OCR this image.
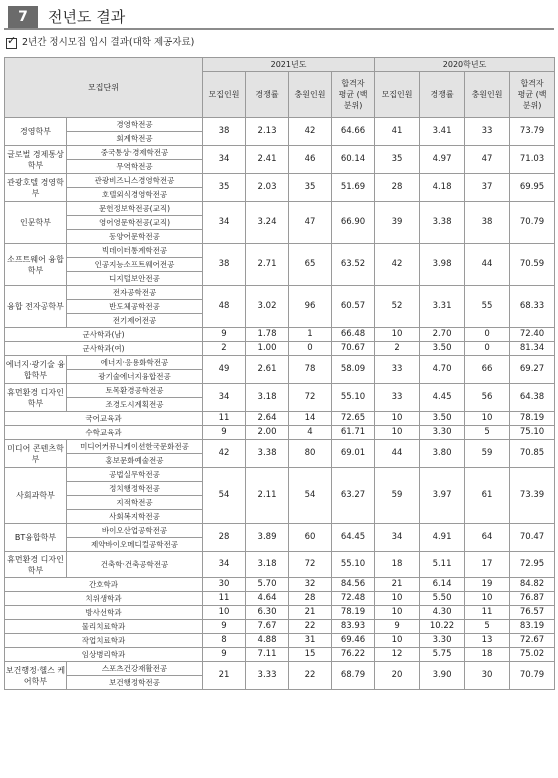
7	전년도 결과
✓
2년간 정시모집 입시 결과(대학 제공자료)
모집단위		2021년도				2020학년도			
		모집인원	경쟁률	충원인원	합격자 평균 (백분위)	모집인원	경쟁률	충원인원	합격자 평균 (백분위)
경영학부	경영학전공	38	2.13	42	64.66	41	3.41	33	73.79
	회계학전공								
글로벌 경제통상학부	중국통상·경제학전공	34	2.41	46	60.14	35	4.97	47	71.03
	무역학전공								
관광호텔 경영학부	관광비즈니스경영학전공	35	2.03	35	51.69	28	4.18	37	69.95
	호텔외식경영학전공								
인문학부	문헌정보학전공(교직)	34	3.24	47	66.90	39	3.38	38	70.79
	영어영문학전공(교직)								
	동양어문학전공								
소프트웨어 융합학부	빅데이터통계학전공	38	2.71	65	63.52	42	3.98	44	70.59
	인공지능소프트웨어전공								
	디지털보안전공								
융합 전자공학부	전자공학전공	48	3.02	96	60.57	52	3.31	55	68.33
	반도체공학전공								
	전기제어전공								
군사학과(남)		9	1.78	1	66.48	10	2.70	0	72.40
군사학과(여)		2	1.00	0	70.67	2	3.50	0	81.34
에너지·광기술 융합학부	에너지·응용화학전공	49	2.61	78	58.09	33	4.70	66	69.27
	광기술에너지융합전공								
휴먼환경 디자인학부	토목환경공학전공	34	3.18	72	55.10	33	4.45	56	64.38
	조경도시계획전공								
국어교육과		11	2.64	14	72.65	10	3.50	10	78.19
수학교육과		9	2.00	4	61.71	10	3.30	5	75.10
미디어 콘텐츠학부	미디어커뮤니케이션한국문화전공	42	3.38	80	69.01	44	3.80	59	70.85
	홍보문화예술전공								
사회과학부	공법실무학전공	54	2.11	54	63.27	59	3.97	61	73.39
	정치행정학전공								
	지적학전공								
	사회복지학전공								
BT융합학부	바이오산업공학전공	28	3.89	60	64.45	34	4.91	64	70.47
	제약바이오메디컬공학전공								
휴먼환경 디자인학부	건축학·건축공학전공	34	3.18	72	55.10	18	5.11	17	72.95
간호학과		30	5.70	32	84.56	21	6.14	19	84.82
치위생학과		11	4.64	28	72.48	10	5.50	10	76.87
방사선학과		10	6.30	21	78.19	10	4.30	11	76.57
물리치료학과		9	7.67	22	83.93	9	10.22	5	83.19
작업치료학과		8	4.88	31	69.46	10	3.30	13	72.67
임상병리학과		9	7.11	15	76.22	12	5.75	18	75.02
보건행정·헬스 케어학부	스포츠건강재활전공	21	3.33	22	68.79	20	3.90	30	70.79
	보건행정학전공								
